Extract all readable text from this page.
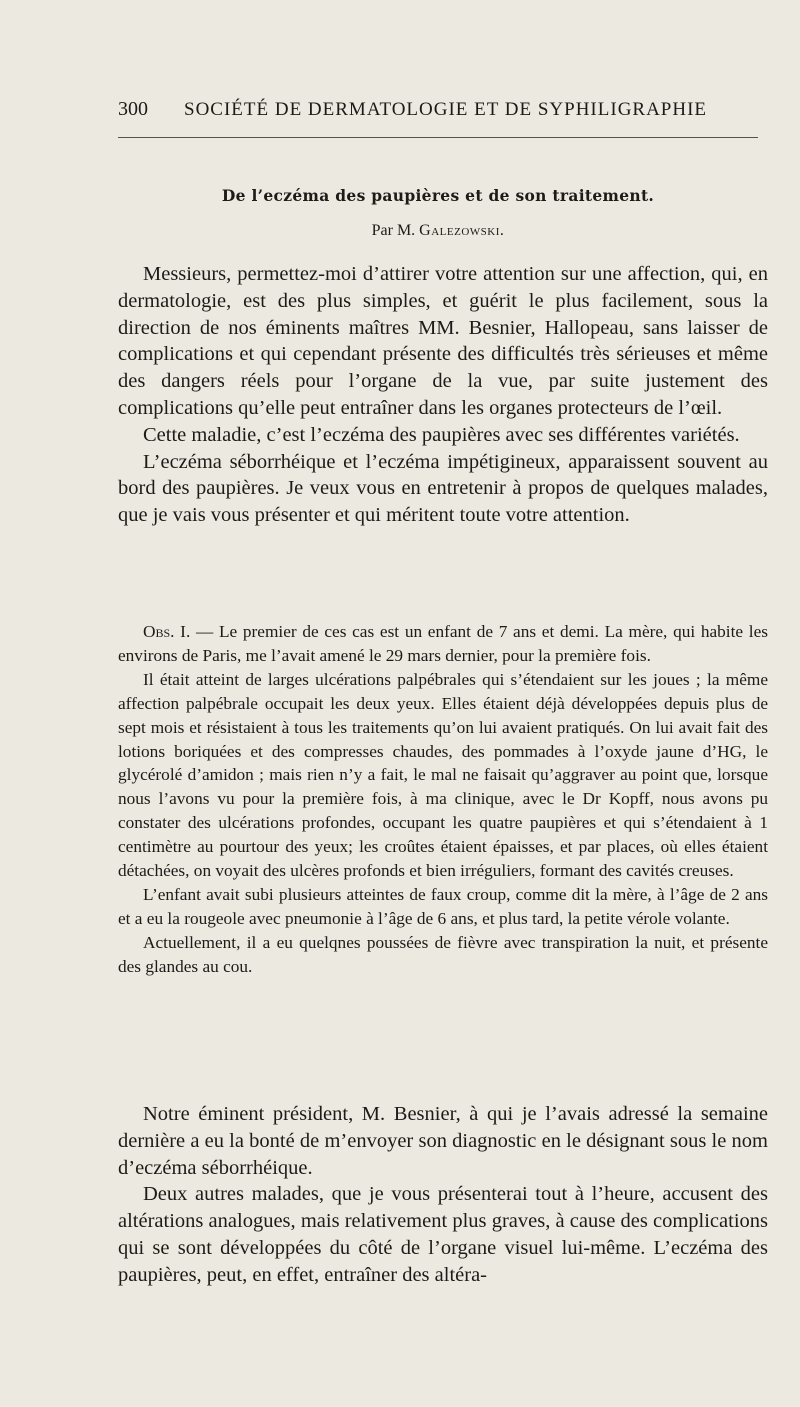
300 SOCIÉTÉ DE DERMATOLOGIE ET DE SYPHILIGRAPHIE
De l’eczéma des paupières et de son traitement.
Par M. Galezowski.

Messieurs, permettez-moi d’attirer votre attention sur une affection, qui, en dermatologie, est des plus simples, et guérit le plus facilement, sous la direction de nos éminents maîtres MM. Besnier, Hallopeau, sans laisser de complications et qui cependant présente des difficultés très sérieuses et même des dangers réels pour l’organe de la vue, par suite justement des complications qu’elle peut entraîner dans les organes protecteurs de l’œil.

Cette maladie, c’est l’eczéma des paupières avec ses différentes variétés.

L’eczéma séborrhéique et l’eczéma impétigineux, apparaissent souvent au bord des paupières. Je veux vous en entretenir à propos de quelques malades, que je vais vous présenter et qui méritent toute votre attention.

Obs. I. — Le premier de ces cas est un enfant de 7 ans et demi. La mère, qui habite les environs de Paris, me l’avait amené le 29 mars dernier, pour la première fois.

Il était atteint de larges ulcérations palpébrales qui s’étendaient sur les joues ; la même affection palpébrale occupait les deux yeux. Elles étaient déjà développées depuis plus de sept mois et résistaient à tous les traitements qu’on lui avaient pratiqués. On lui avait fait des lotions boriquées et des compresses chaudes, des pommades à l’oxyde jaune d’HG, le glycérolé d’amidon ; mais rien n’y a fait, le mal ne faisait qu’aggraver au point que, lorsque nous l’avons vu pour la première fois, à ma clinique, avec le Dr Kopff, nous avons pu constater des ulcérations profondes, occupant les quatre paupières et qui s’étendaient à 1 centimètre au pourtour des yeux; les croûtes étaient épaisses, et par places, où elles étaient détachées, on voyait des ulcères profonds et bien irréguliers, formant des cavités creuses.

L’enfant avait subi plusieurs atteintes de faux croup, comme dit la mère, à l’âge de 2 ans et a eu la rougeole avec pneumonie à l’âge de 6 ans, et plus tard, la petite vérole volante.

Actuellement, il a eu quelqnes poussées de fièvre avec transpiration la nuit, et présente des glandes au cou.

Notre éminent président, M. Besnier, à qui je l’avais adressé la semaine dernière a eu la bonté de m’envoyer son diagnostic en le désignant sous le nom d’eczéma séborrhéique.

Deux autres malades, que je vous présenterai tout à l’heure, accusent des altérations analogues, mais relativement plus graves, à cause des complications qui se sont développées du côté de l’organe visuel lui-même. L’eczéma des paupières, peut, en effet, entraîner des altéra-
